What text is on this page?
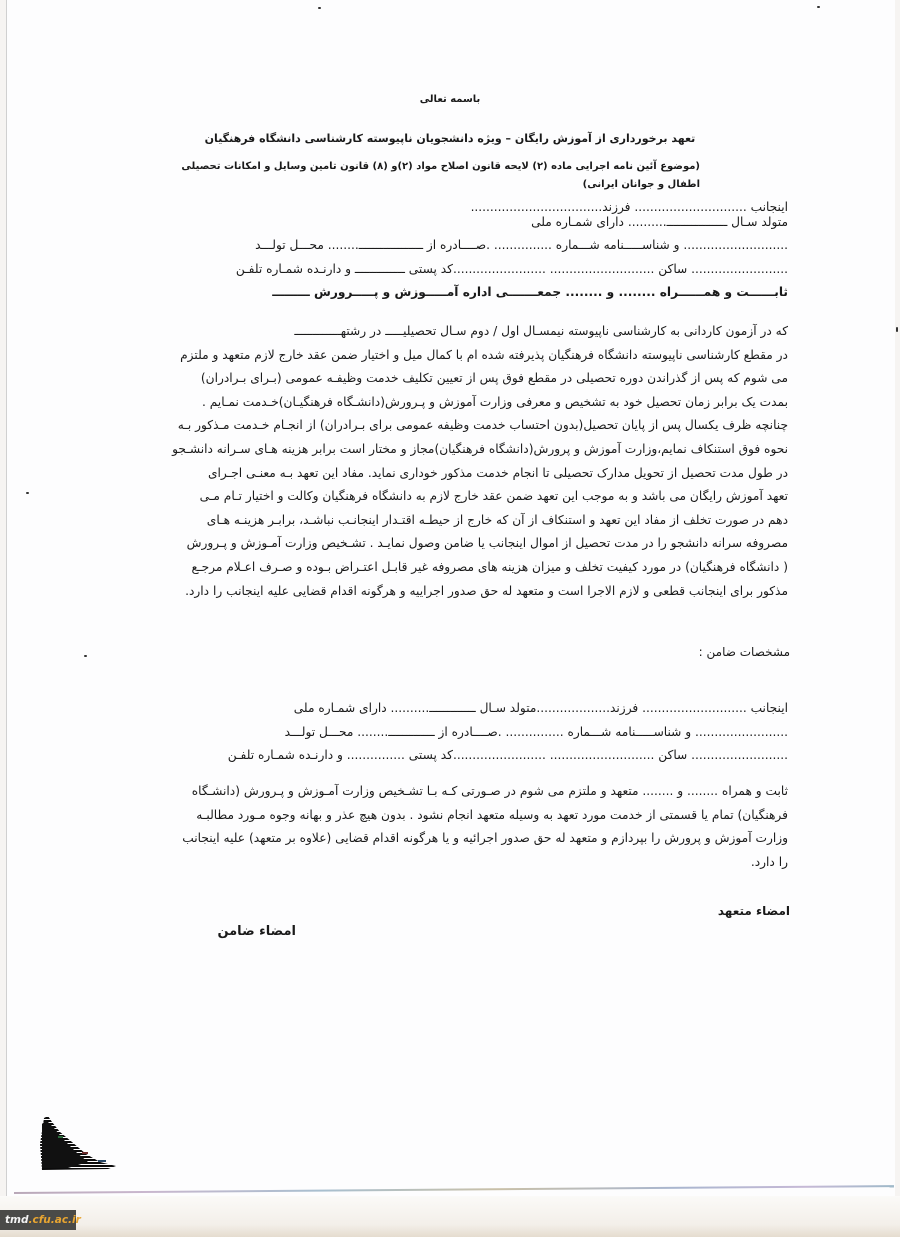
باسمه تعالی
تعهد برخورداری از آموزش رایگان – ویژه دانشجویان ناپیوسته کارشناسی دانشگاه فرهنگیان
(موضوع آئین نامه اجرایی ماده (۲) لایحه قانون اصلاح مواد (۲)و (۸) قانون تامین وسایل و امکانات تحصیلی اطفال و جوانان ایرانی)
اینجانب ............................. فرزند..................................
متولد سـال ـــــــــــــــــ.......... دارای شمـاره ملی
........................... و شناســـــنامه شـــماره ............... .صــــادره از ــــــــــــــــــ........ محـــل تولـــد
......................... ساکن ........................... ........................کد پستی ــــــــــــــ و دارنـده شمـاره تلفـن
ثابــــــت و همــــــراه ........ و ........ جمعـــــــی اداره آمـــــوزش و پـــــرورش ـــــــــ
که در آزمون کاردانی به کارشناسی ناپیوسته نیمسـال اول / دوم سـال تحصیلیـــــ در رشتهـــــــــــــ
در مقطع کارشناسی ناپیوسته دانشگاه فرهنگیان پذیرفته شده ام با کمال میل و اختیار ضمن عقد خارج لازم متعهد و ملتزم
می شوم که پس از گذراندن دوره تحصیلی در مقطع فوق پس از تعیین تکلیف خدمت وظیفـه عمومی (بـرای بـرادران)
بمدت یک برابر زمان تحصیل خود به تشخیص و معرفی وزارت آموزش و پـرورش(دانشـگاه فرهنگیـان)خـدمت نمـایم .
چنانچه ظرف یکسال پس از پایان تحصیل(بدون احتساب خدمت وظیفه عمومی برای بـرادران) از انجـام خـدمت مـذکور بـه
نحوه فوق استنکاف نمایم،وزارت آموزش و پرورش(دانشگاه فرهنگیان)مجاز و مختار است برابر هزینه هـای سـرانه دانشـجو
در طول مدت تحصیل از تحویل مدارک تحصیلی تا انجام خدمت مذکور خوداری نماید. مفاد این تعهد بـه معنـی اجـرای
تعهد آموزش رایگان می باشد و به موجب این تعهد ضمن عقد خارج لازم به دانشگاه فرهنگیان وکالت و اختیار تـام مـی
دهم در صورت تخلف از مفاد این تعهد و استنکاف از آن که خارج از حیطـه اقتـدار اینجانـب نباشـد، برابـر هزینـه هـای
مصروفه سرانه دانشجو را در مدت تحصیل از اموال اینجانب یا ضامن وصول نمایـد . تشـخیص وزارت آمـوزش و پـرورش
( دانشگاه فرهنگیان) در مورد کیفیت تخلف و میزان هزینه های مصروفه غیر قابـل اعتـراض بـوده و صـرف اعـلام مرجـع
مذکور برای اینجانب قطعی و لازم الاجرا است و متعهد له حق صدور اجراییه و هرگونه اقدام قضایی علیه اینجانب را دارد.
مشخصات ضامن :
اینجانب ........................... فرزند...................متولد سـال ـــــــــــــ.......... دارای شمـاره ملی
........................ و شناســـــنامه شـــماره ............... .صــــادره از ـــــــــــــ........ محـــل تولـــد
......................... ساکن ........................... ........................کد پستی ............... و دارنـده شمـاره تلفـن
ثابت و همراه ........ و ........ متعهد و ملتزم می شوم در صـورتی کـه بـا تشـخیص وزارت آمـوزش و پـرورش (دانشـگاه
فرهنگیان) تمام یا قسمتی از خدمت مورد تعهد به وسیله متعهد انجام نشود . بدون هیچ عذر و بهانه وجوه مـورد مطالبـه
وزارت آموزش و پرورش را بپردازم و متعهد له حق صدور اجرائیه و یا هرگونه اقدام قضایی (علاوه بر متعهد) علیه اینجانب
را دارد.
امضاء متعهد
امضاء ضامن
tmd.cfu.ac.ir
